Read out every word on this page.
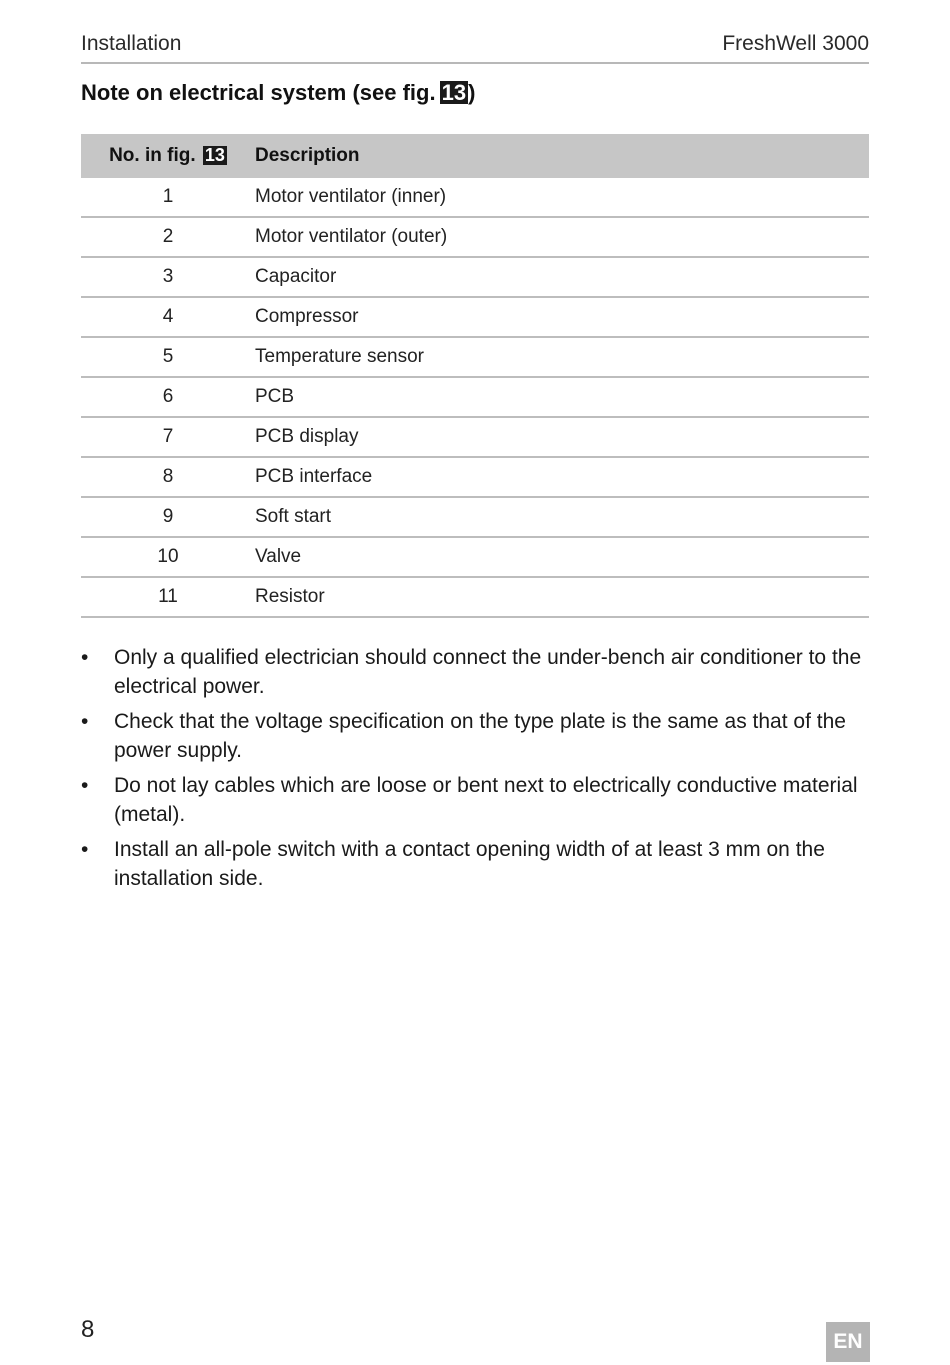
Installation	FreshWell 3000
Note on electrical system (see fig. 13)
No. in fig. 13	Description
1	Motor ventilator (inner)
2	Motor ventilator (outer)
3	Capacitor
4	Compressor
5	Temperature sensor
6	PCB
7	PCB display
8	PCB interface
9	Soft start
10	Valve
11	Resistor
• Only a qualified electrician should connect the under-bench air conditioner to the electrical power.
• Check that the voltage specification on the type plate is the same as that of the power supply.
• Do not lay cables which are loose or bent next to electrically conductive material (metal).
• Install an all-pole switch with a contact opening width of at least 3 mm on the installation side.
8	EN
